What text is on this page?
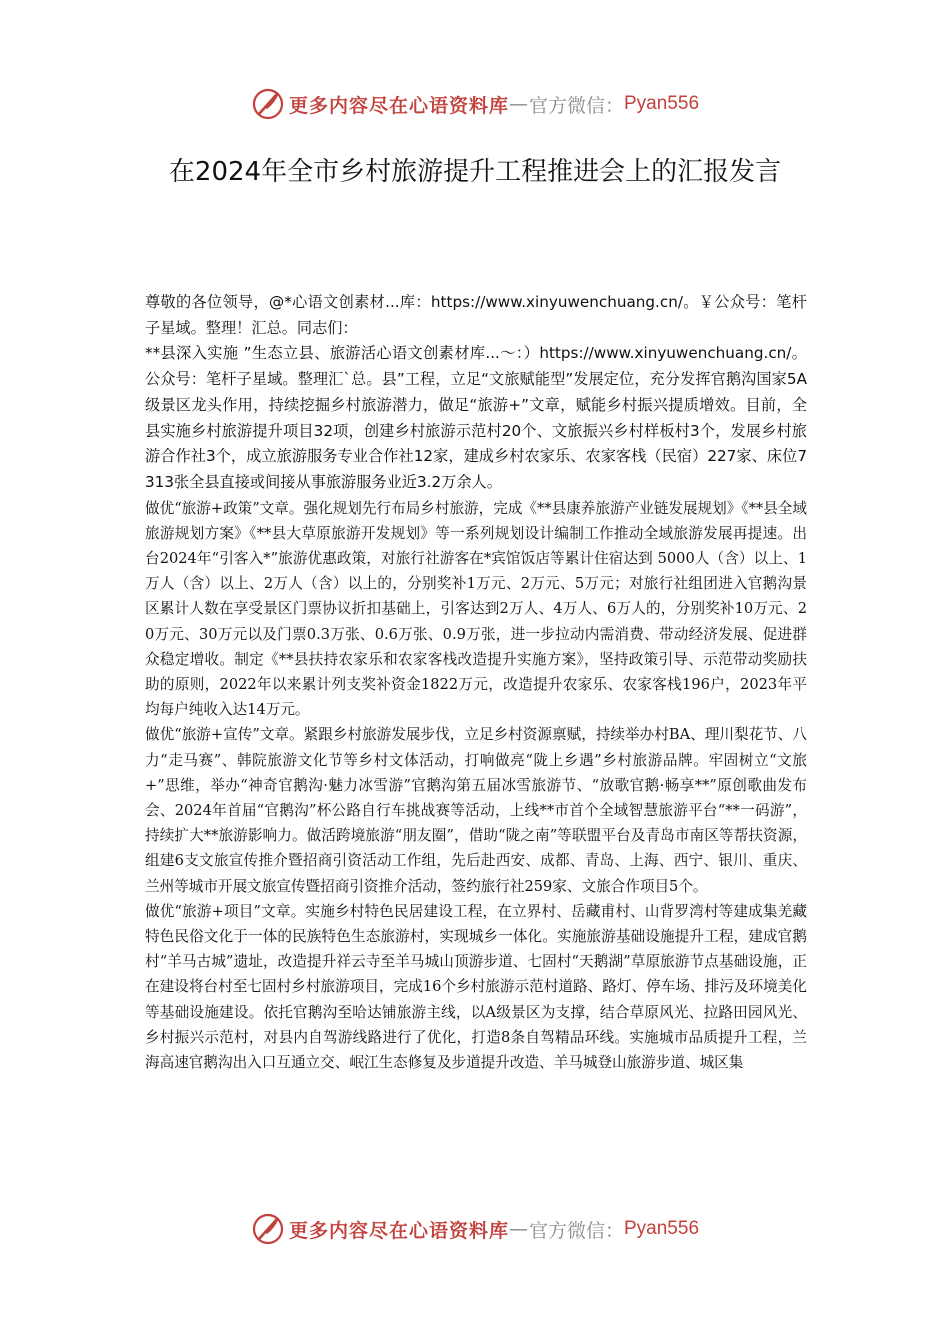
更多内容尽在心语资料库 — 官方微信： Pyan556
在2024年全市乡村旅游提升工程推进会上的汇报发言

尊敬的各位领导，@*心语文创素材...库：https://www.xinyuwenchuang.cn/。￥公众号：笔杆子星域。整理！汇总。同志们：

**县深入实施 ”生态立县、旅游活心语文创素材库...～：）https://www.xinyuwenchuang.cn/。公众号：笔杆子星域。整理汇`总。县”工程，立足“文旅赋能型”发展定位，充分发挥官鹅沟国家5A级景区龙头作用，持续挖掘乡村旅游潜力，做足“旅游+”文章，赋能乡村振兴提质增效。目前，全县实施乡村旅游提升项目32项，创建乡村旅游示范村20个、文旅振兴乡村样板村3个，发展乡村旅游合作社3个，成立旅游服务专业合作社12家，建成乡村农家乐、农家客栈（民宿）227家、床位7313张全县直接或间接从事旅游服务业近3.2万余人。

做优“旅游+政策”文章。强化规划先行布局乡村旅游，完成《**县康养旅游产业链发展规划》《**县全域旅游规划方案》《**县大草原旅游开发规划》等一系列规划设计编制工作推动全域旅游发展再提速。出台2024年“引客入*”旅游优惠政策，对旅行社游客在*宾馆饭店等累计住宿达到 5000人（含）以上、1万人（含）以上、2万人（含）以上的，分别奖补1万元、2万元、5万元；对旅行社组团进入官鹅沟景区累计人数在享受景区门票协议折扣基础上，引客达到2万人、4万人、6万人的，分别奖补10万元、20万元、30万元以及门票0.3万张、0.6万张、0.9万张，进一步拉动内需消费、带动经济发展、促进群众稳定增收。制定《**县扶持农家乐和农家客栈改造提升实施方案》，坚持政策引导、示范带动奖励扶助的原则，2022年以来累计列支奖补资金1822万元，改造提升农家乐、农家客栈196户，2023年平均每户纯收入达14万元。

做优“旅游+宣传”文章。紧跟乡村旅游发展步伐，立足乡村资源禀赋，持续举办村BA、理川梨花节、八力“走马赛”、韩院旅游文化节等乡村文体活动，打响做亮“陇上乡遇”乡村旅游品牌。牢固树立“文旅+”思维，举办“神奇官鹅沟·魅力冰雪游”官鹅沟第五届冰雪旅游节、“放歌官鹅·畅享**”原创歌曲发布会、2024年首届“官鹅沟”杯公路自行车挑战赛等活动，上线**市首个全域智慧旅游平台“**一码游”，持续扩大**旅游影响力。做活跨境旅游“朋友圈”，借助“陇之南”等联盟平台及青岛市南区等帮扶资源，组建6支文旅宣传推介暨招商引资活动工作组，先后赴西安、成都、青岛、上海、西宁、银川、重庆、兰州等城市开展文旅宣传暨招商引资推介活动，签约旅行社259家、文旅合作项目5个。

做优“旅游+项目”文章。实施乡村特色民居建设工程，在立界村、岳藏甫村、山背罗湾村等建成集羌藏特色民俗文化于一体的民族特色生态旅游村，实现城乡一体化。实施旅游基础设施提升工程，建成官鹅村“羊马古城”遗址，改造提升祥云寺至羊马城山顶游步道、七固村“天鹅湖”草原旅游节点基础设施，正在建设将台村至七固村乡村旅游项目，完成16个乡村旅游示范村道路、路灯、停车场、排污及环境美化等基础设施建设。依托官鹅沟至哈达铺旅游主线，以A级景区为支撑，结合草原风光、拉路田园风光、乡村振兴示范村，对县内自驾游线路进行了优化，打造8条自驾精品环线。实施城市品质提升工程，兰海高速官鹅沟出入口互通立交、岷江生态修复及步道提升改造、羊马城登山旅游步道、城区集

更多内容尽在心语资料库 — 官方微信： Pyan556
